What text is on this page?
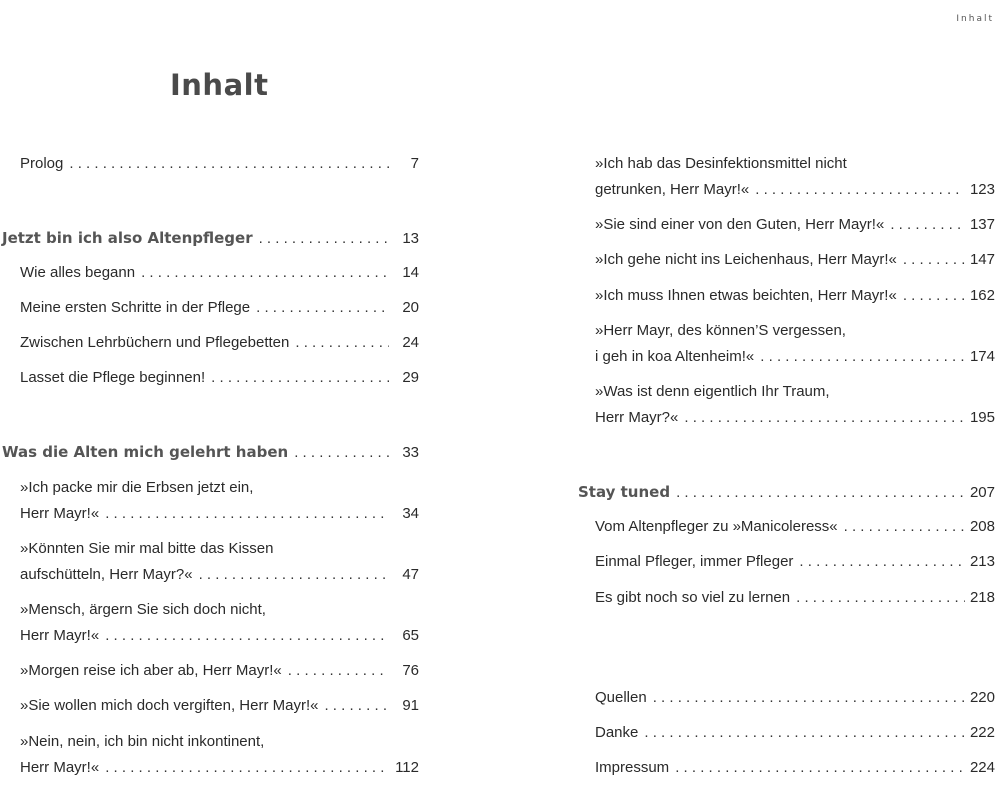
Inhalt
Inhalt
Prolog . . .	7
Jetzt bin ich also Altenpfleger . . .	13
Wie alles begann . . .	14
Meine ersten Schritte in der Pflege . . .	20
Zwischen Lehrbüchern und Pflegebetten . . .	24
Lasset die Pflege beginnen! . . .	29
Was die Alten mich gelehrt haben . . .	33
»Ich packe mir die Erbsen jetzt ein,
Herr Mayr!« . . .	34
»Könnten Sie mir mal bitte das Kissen
aufschütteln, Herr Mayr?« . . .	47
»Mensch, ärgern Sie sich doch nicht,
Herr Mayr!« . . .	65
»Morgen reise ich aber ab, Herr Mayr!« . . .	76
»Sie wollen mich doch vergiften, Herr Mayr!« . . .	91
»Nein, nein, ich bin nicht inkontinent,
Herr Mayr!« . . .	112
»Ich hab das Desinfektionsmittel nicht
getrunken, Herr Mayr!« . . .	123
»Sie sind einer von den Guten, Herr Mayr!« . . .	137
»Ich gehe nicht ins Leichenhaus, Herr Mayr!« . . .	147
»Ich muss Ihnen etwas beichten, Herr Mayr!« . . .	162
»Herr Mayr, des können’S vergessen,
i geh in koa Altenheim!« . . .	174
»Was ist denn eigentlich Ihr Traum,
Herr Mayr?« . . .	195
Stay tuned . . .	207
Vom Altenpfleger zu »Manicoleress« . . .	208
Einmal Pfleger, immer Pfleger . . .	213
Es gibt noch so viel zu lernen . . .	218
Quellen . . .	220
Danke . . .	222
Impressum . . .	224
